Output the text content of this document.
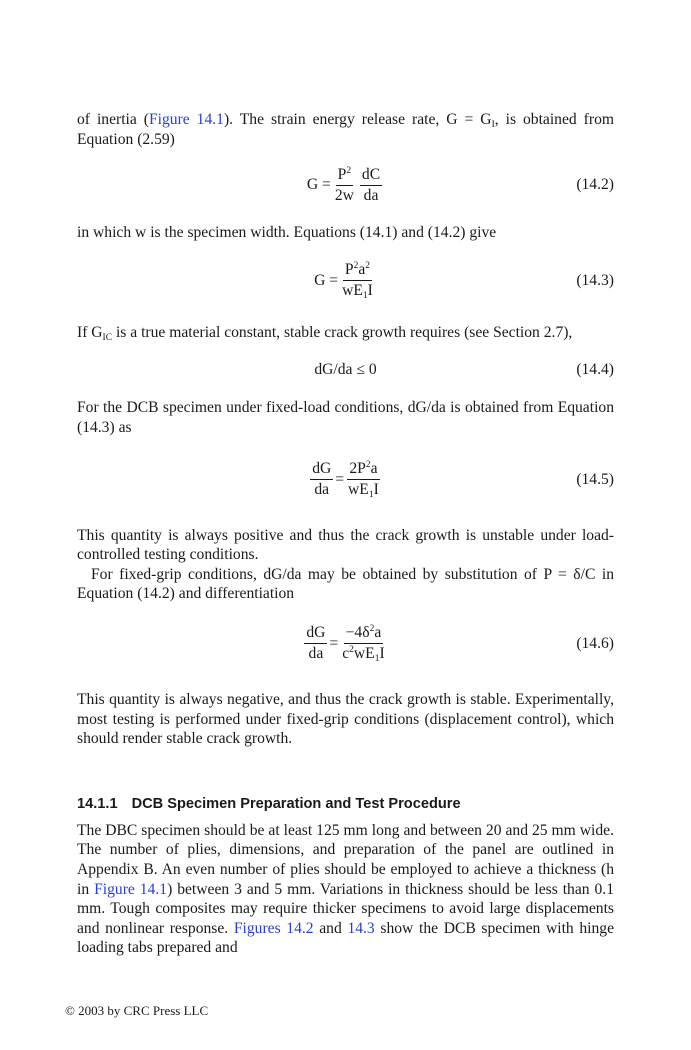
of inertia (Figure 14.1). The strain energy release rate, $G = G_I$, is obtained from Equation (2.59)

$G = \frac{P^2}{2w} \frac{dC}{da}$	(14.2)

in which w is the specimen width. Equations (14.1) and (14.2) give

$G = \frac{P^2a^2}{wE_1I}$	(14.3)

If $G_{IC}$ is a true material constant, stable crack growth requires (see Section 2.7),

dG/da ≤ 0	(14.4)

For the DCB specimen under fixed-load conditions, dG/da is obtained from Equation (14.3) as

$\frac{dG}{da} = \frac{2P^2a}{wE_1I}$	(14.5)

This quantity is always positive and thus the crack growth is unstable under load-controlled testing conditions.

For fixed-grip conditions, dG/da may be obtained by substitution of P = δ/C in Equation (14.2) and differentiation

$\frac{dG}{da} = \frac{-4\delta^2a}{c^2wE_1I}$	(14.6)

This quantity is always negative, and thus the crack growth is stable. Experimentally, most testing is performed under fixed-grip conditions (displacement control), which should render stable crack growth.

14.1.1 DCB Specimen Preparation and Test Procedure

The DBC specimen should be at least 125 mm long and between 20 and 25 mm wide. The number of plies, dimensions, and preparation of the panel are outlined in Appendix B. An even number of plies should be employed to achieve a thickness (h in Figure 14.1) between 3 and 5 mm. Variations in thickness should be less than 0.1 mm. Tough composites may require thicker specimens to avoid large displacements and nonlinear response. Figures 14.2 and 14.3 show the DCB specimen with hinge loading tabs prepared and

© 2003 by CRC Press LLC
